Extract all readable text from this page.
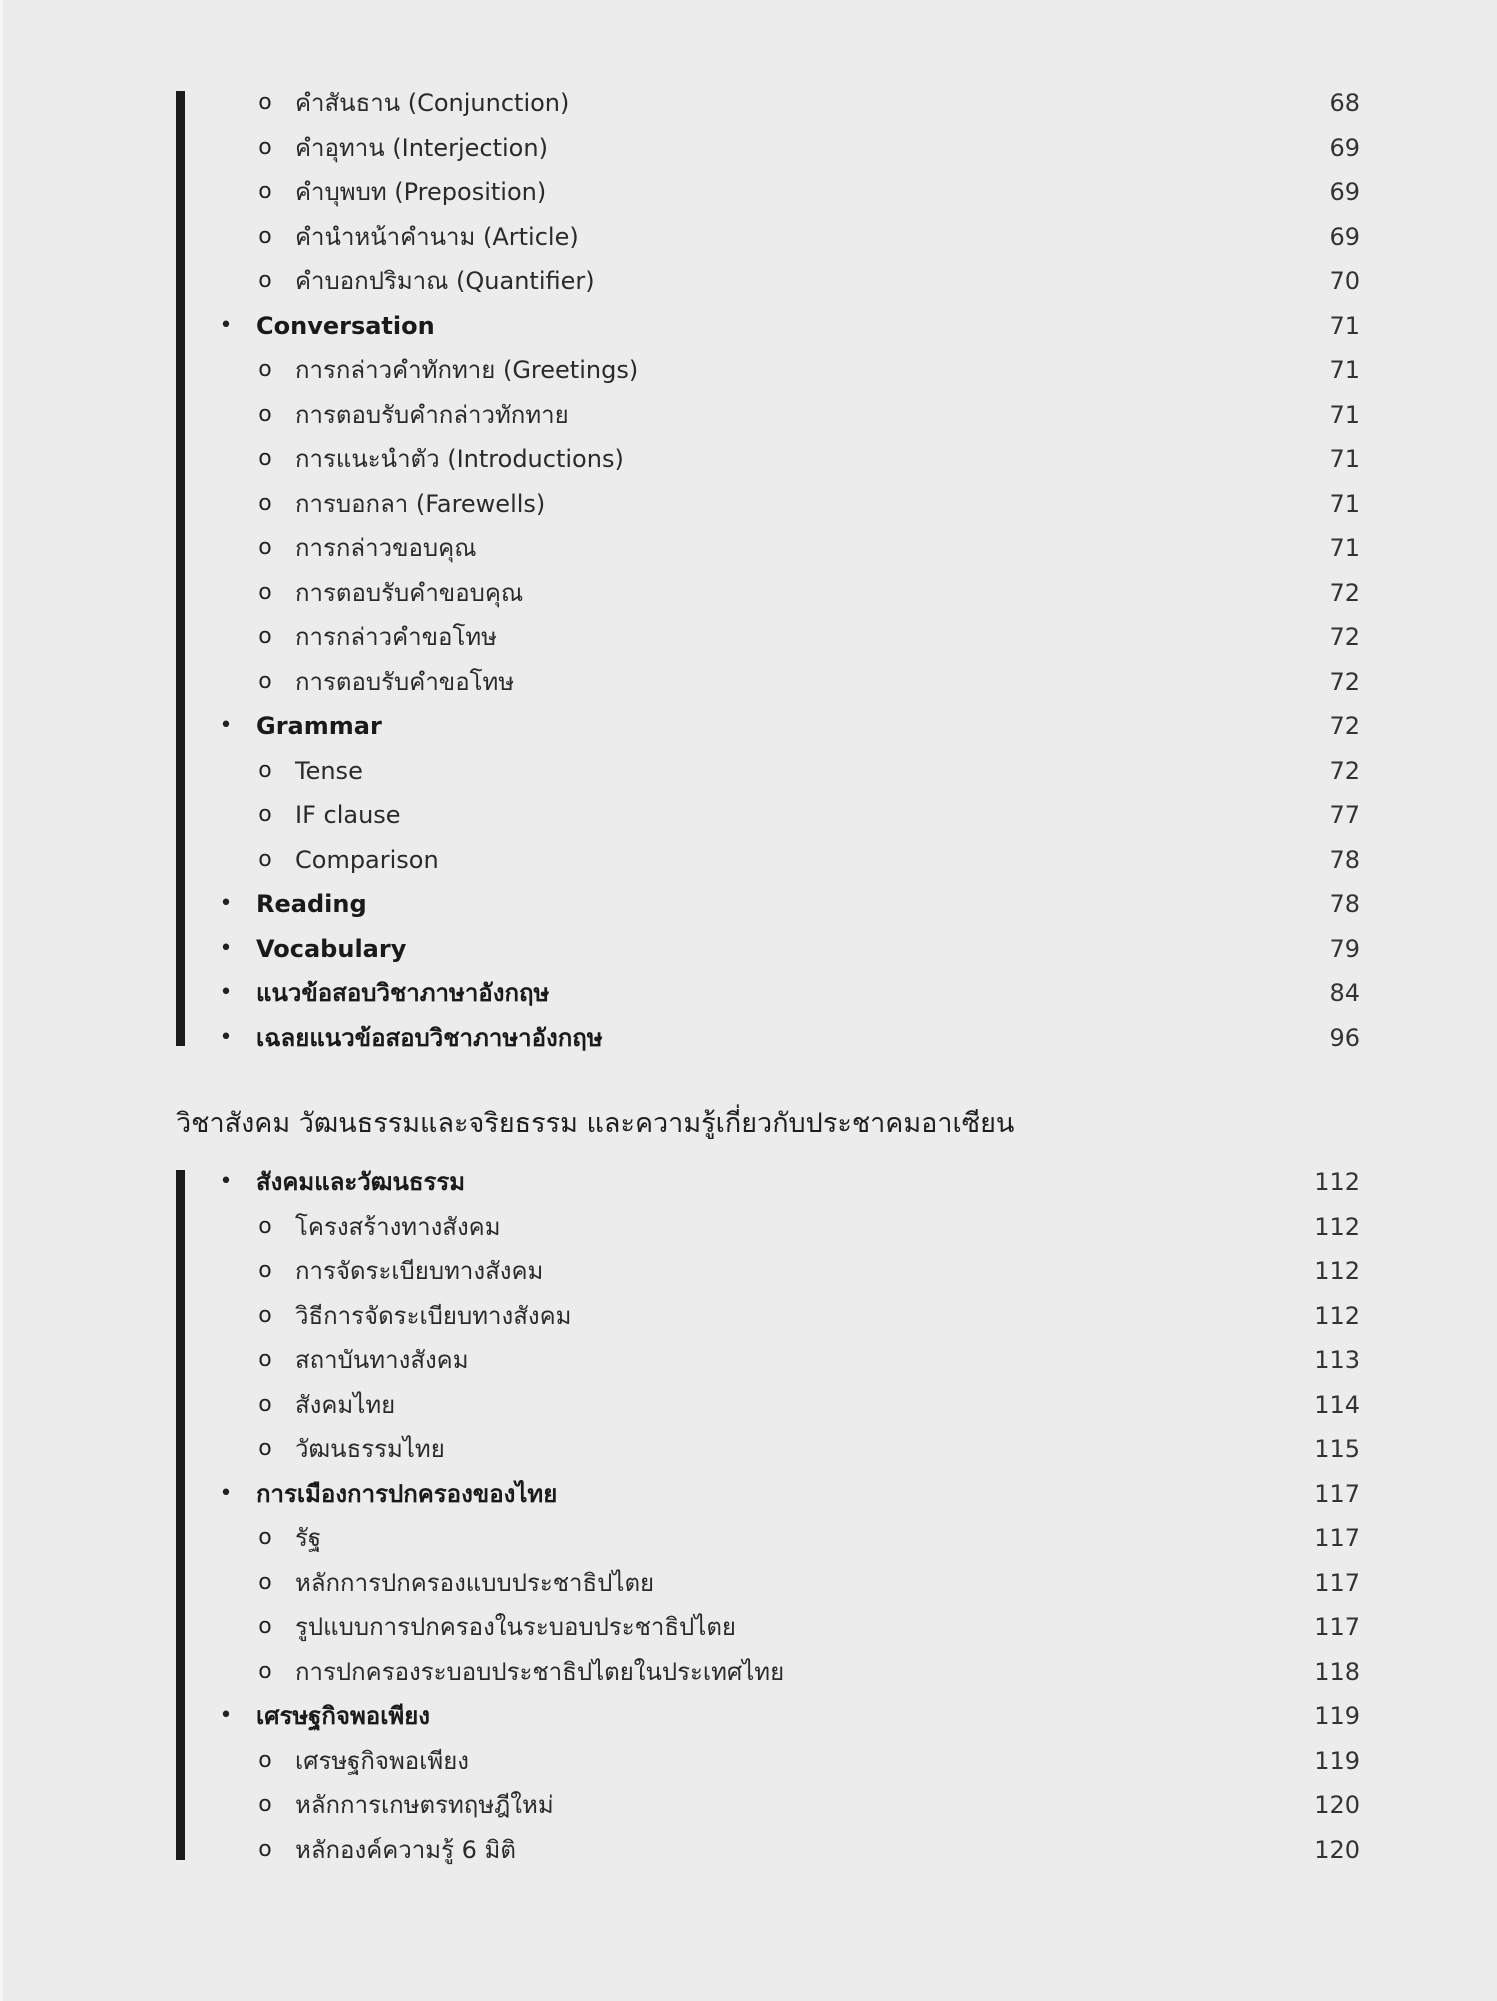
o คำสันธาน (Conjunction)	68
o คำอุทาน (Interjection)	69
o คำบุพบท (Preposition)	69
o คำนำหน้าคำนาม (Article)	69
o คำบอกปริมาณ (Quantifier)	70
• Conversation	71
o การกล่าวคำทักทาย (Greetings)	71
o การตอบรับคำกล่าวทักทาย	71
o การแนะนำตัว (Introductions)	71
o การบอกลา (Farewells)	71
o การกล่าวขอบคุณ	71
o การตอบรับคำขอบคุณ	72
o การกล่าวคำขอโทษ	72
o การตอบรับคำขอโทษ	72
• Grammar	72
o Tense	72
o IF clause	77
o Comparison	78
• Reading	78
• Vocabulary	79
• แนวข้อสอบวิชาภาษาอังกฤษ	84
• เฉลยแนวข้อสอบวิชาภาษาอังกฤษ	96
วิชาสังคม วัฒนธรรมและจริยธรรม และความรู้เกี่ยวกับประชาคมอาเซียน
• สังคมและวัฒนธรรม	112
o โครงสร้างทางสังคม	112
o การจัดระเบียบทางสังคม	112
o วิธีการจัดระเบียบทางสังคม	112
o สถาบันทางสังคม	113
o สังคมไทย	114
o วัฒนธรรมไทย	115
• การเมืองการปกครองของไทย	117
o รัฐ	117
o หลักการปกครองแบบประชาธิปไตย	117
o รูปแบบการปกครองในระบอบประชาธิปไตย	117
o การปกครองระบอบประชาธิปไตยในประเทศไทย	118
• เศรษฐกิจพอเพียง	119
o เศรษฐกิจพอเพียง	119
o หลักการเกษตรทฤษฎีใหม่	120
o หลักองค์ความรู้ 6 มิติ	120
